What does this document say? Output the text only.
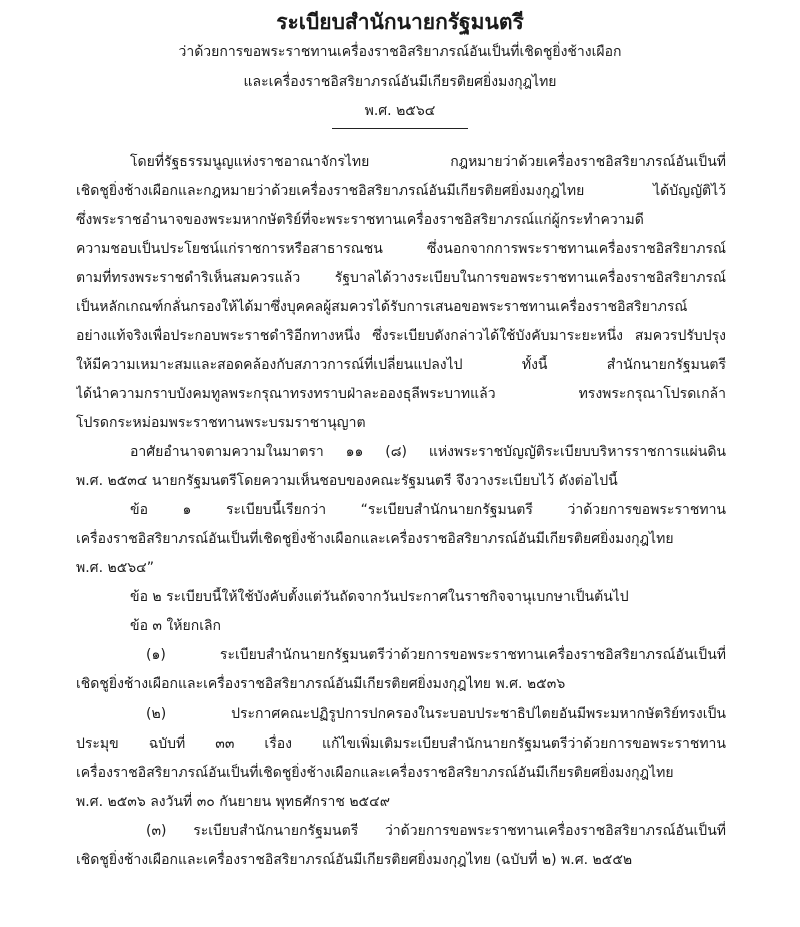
ระเบียบสำนักนายกรัฐมนตรี
ว่าด้วยการขอพระราชทานเครื่องราชอิสริยาภรณ์อันเป็นที่เชิดชูยิ่งช้างเผือก
และเครื่องราชอิสริยาภรณ์อันมีเกียรติยศยิ่งมงกุฎไทย
พ.ศ. ๒๕๖๔
โดยที่รัฐธรรมนูญแห่งราชอาณาจักรไทย กฎหมายว่าด้วยเครื่องราชอิสริยาภรณ์อันเป็นที่
เชิดชูยิ่งช้างเผือกและกฎหมายว่าด้วยเครื่องราชอิสริยาภรณ์อันมีเกียรติยศยิ่งมงกุฎไทย ได้บัญญัติไว้
ซึ่งพระราชอำนาจของพระมหากษัตริย์ที่จะพระราชทานเครื่องราชอิสริยาภรณ์แก่ผู้กระทำความดี
ความชอบเป็นประโยชน์แก่ราชการหรือสาธารณชน ซึ่งนอกจากการพระราชทานเครื่องราชอิสริยาภรณ์
ตามที่ทรงพระราชดำริเห็นสมควรแล้ว รัฐบาลได้วางระเบียบในการขอพระราชทานเครื่องราชอิสริยาภรณ์
เป็นหลักเกณฑ์กลั่นกรองให้ได้มาซึ่งบุคคลผู้สมควรได้รับการเสนอขอพระราชทานเครื่องราชอิสริยาภรณ์
อย่างแท้จริงเพื่อประกอบพระราชดำริอีกทางหนึ่ง ซึ่งระเบียบดังกล่าวได้ใช้บังคับมาระยะหนึ่ง สมควรปรับปรุง
ให้มีความเหมาะสมและสอดคล้องกับสภาวการณ์ที่เปลี่ยนแปลงไป ทั้งนี้ สำนักนายกรัฐมนตรี
ได้นำความกราบบังคมทูลพระกรุณาทรงทราบฝ่าละอองธุลีพระบาทแล้ว ทรงพระกรุณาโปรดเกล้า
โปรดกระหม่อมพระราชทานพระบรมราชานุญาต
อาศัยอำนาจตามความในมาตรา ๑๑ (๘) แห่งพระราชบัญญัติระเบียบบริหารราชการแผ่นดิน
พ.ศ. ๒๕๓๔ นายกรัฐมนตรีโดยความเห็นชอบของคณะรัฐมนตรี จึงวางระเบียบไว้ ดังต่อไปนี้
ข้อ ๑ ระเบียบนี้เรียกว่า “ระเบียบสำนักนายกรัฐมนตรี ว่าด้วยการขอพระราชทาน
เครื่องราชอิสริยาภรณ์อันเป็นที่เชิดชูยิ่งช้างเผือกและเครื่องราชอิสริยาภรณ์อันมีเกียรติยศยิ่งมงกุฎไทย
พ.ศ. ๒๕๖๔”
ข้อ ๒ ระเบียบนี้ให้ใช้บังคับตั้งแต่วันถัดจากวันประกาศในราชกิจจานุเบกษาเป็นต้นไป
ข้อ ๓ ให้ยกเลิก
(๑) ระเบียบสำนักนายกรัฐมนตรีว่าด้วยการขอพระราชทานเครื่องราชอิสริยาภรณ์อันเป็นที่
เชิดชูยิ่งช้างเผือกและเครื่องราชอิสริยาภรณ์อันมีเกียรติยศยิ่งมงกุฎไทย พ.ศ. ๒๕๓๖
(๒) ประกาศคณะปฏิรูปการปกครองในระบอบประชาธิปไตยอันมีพระมหากษัตริย์ทรงเป็น
ประมุข ฉบับที่ ๓๓ เรื่อง แก้ไขเพิ่มเติมระเบียบสำนักนายกรัฐมนตรีว่าด้วยการขอพระราชทาน
เครื่องราชอิสริยาภรณ์อันเป็นที่เชิดชูยิ่งช้างเผือกและเครื่องราชอิสริยาภรณ์อันมีเกียรติยศยิ่งมงกุฎไทย
พ.ศ. ๒๕๓๖ ลงวันที่ ๓๐ กันยายน พุทธศักราช ๒๕๔๙
(๓) ระเบียบสำนักนายกรัฐมนตรี ว่าด้วยการขอพระราชทานเครื่องราชอิสริยาภรณ์อันเป็นที่
เชิดชูยิ่งช้างเผือกและเครื่องราชอิสริยาภรณ์อันมีเกียรติยศยิ่งมงกุฎไทย (ฉบับที่ ๒) พ.ศ. ๒๕๕๒
